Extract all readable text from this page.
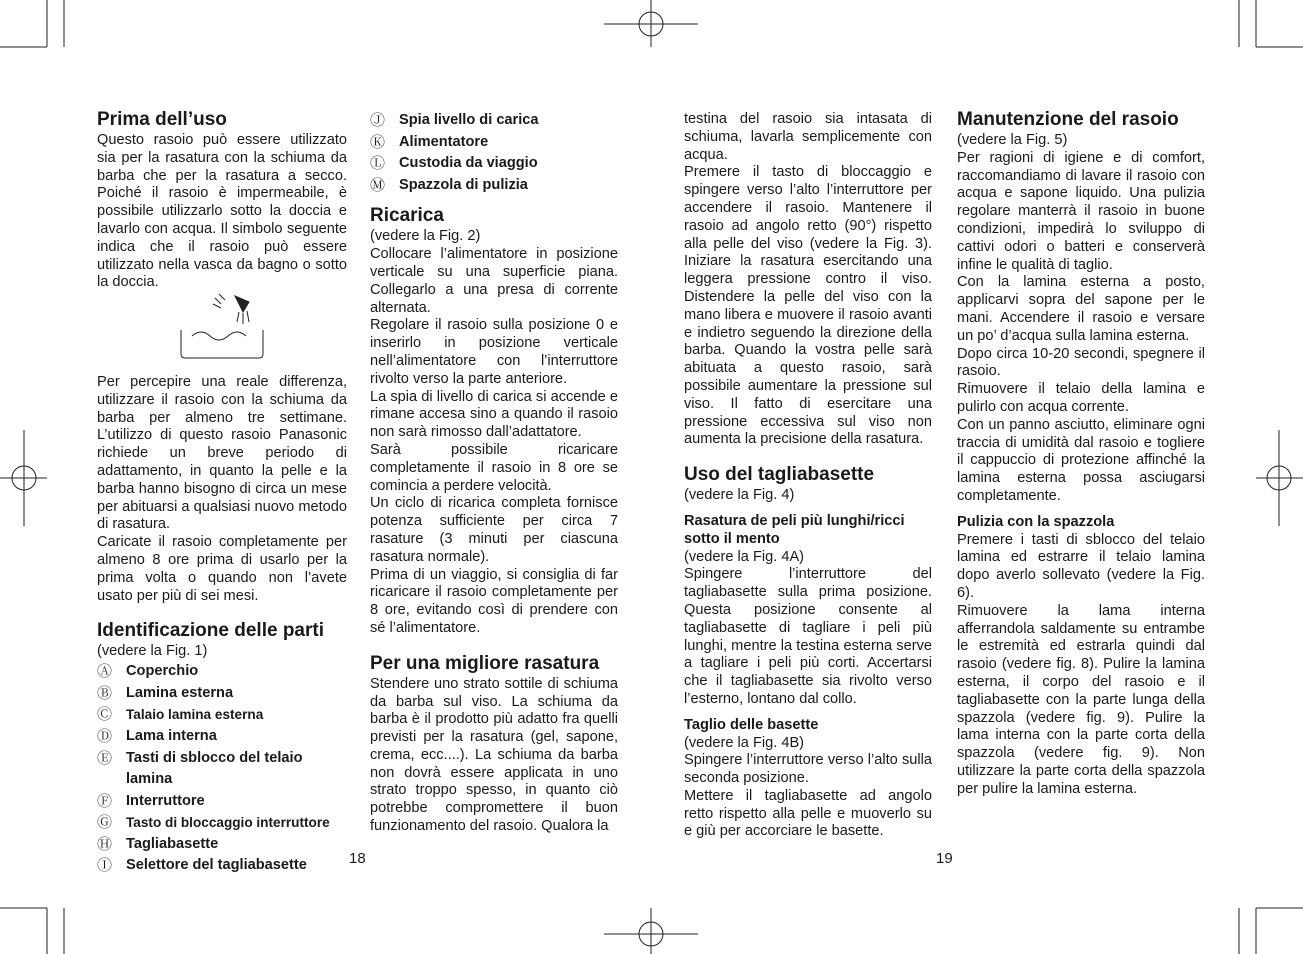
Prima dell’uso

Questo rasoio può essere utilizzato sia per la rasatura con la schiuma da barba che per la rasatura a secco. Poiché il rasoio è impermeabile, è possibile utilizzarlo sotto la doccia e lavarlo con acqua. Il simbolo seguente indica che il rasoio può essere utilizzato nella vasca da bagno o sotto la doccia.

Per percepire una reale differenza, utilizzare il rasoio con la schiuma da barba per almeno tre settimane. L’utilizzo di questo rasoio Panasonic richiede un breve periodo di adattamento, in quanto la pelle e la barba hanno bisogno di circa un mese per abituarsi a qualsiasi nuovo metodo di rasatura.

Caricate il rasoio completamente per almeno 8 ore prima di usarlo per la prima volta o quando non l’avete usato per più di sei mesi.

Identificazione delle parti

(vedere la Fig. 1)

Ⓐ Coperchio
Ⓑ Lamina esterna
Ⓒ	Talaio lamina esterna
Ⓓ Lama interna
Ⓔ Tasti di sblocco del telaio lamina
Ⓕ Interruttore
Ⓖ	Tasto di bloccaggio interruttore
Ⓗ Tagliabasette
Ⓘ Selettore del tagliabasette
Ⓙ Spia livello di carica
Ⓚ Alimentatore
Ⓛ Custodia da viaggio
Ⓜ Spazzola di pulizia
Ricarica

(vedere la Fig. 2)

Collocare l’alimentatore in posizione verticale su una superficie piana. Collegarlo a una presa di corrente alternata.

Regolare il rasoio sulla posizione 0 e inserirlo in posizione verticale nell’alimentatore con l’interruttore rivolto verso la parte anteriore.

La spia di livello di carica si accende e rimane accesa sino a quando il rasoio non sarà rimosso dall’adattatore.

Sarà possibile ricaricare completamente il rasoio in 8 ore se comincia a perdere velocità.

Un ciclo di ricarica completa fornisce potenza sufficiente per circa 7 rasature (3 minuti per ciascuna rasatura normale).

Prima di un viaggio, si consiglia di far ricaricare il rasoio completamente per 8 ore, evitando così di prendere con sé l’alimentatore.

Per una migliore rasatura

Stendere uno strato sottile di schiuma da barba sul viso. La schiuma da barba è il prodotto più adatto fra quelli previsti per la rasatura (gel, sapone, crema, ecc....). La schiuma da barba non dovrà essere applicata in uno strato troppo spesso, in quanto ciò potrebbe compromettere il buon funzionamento del rasoio. Qualora la

18

testina del rasoio sia intasata di schiuma, lavarla semplicemente con acqua.

Premere il tasto di bloccaggio e spingere verso l’alto l’interruttore per accendere il rasoio. Mantenere il rasoio ad angolo retto (90°) rispetto alla pelle del viso (vedere la Fig. 3). Iniziare la rasatura esercitando una leggera pressione contro il viso. Distendere la pelle del viso con la mano libera e muovere il rasoio avanti e indietro seguendo la direzione della barba. Quando la vostra pelle sarà abituata a questo rasoio, sarà possibile aumentare la pressione sul viso. Il fatto di esercitare una pressione eccessiva sul viso non aumenta la precisione della rasatura.

Uso del tagliabasette

(vedere la Fig. 4)

Rasatura de peli più lunghi/ricci sotto il mento

(vedere la Fig. 4A)

Spingere l’interruttore del tagliabasette sulla prima posizione. Questa posizione consente al tagliabasette di tagliare i peli più lunghi, mentre la testina esterna serve a tagliare i peli più corti. Accertarsi che il tagliabasette sia rivolto verso l’esterno, lontano dal collo.

Taglio delle basette

(vedere la Fig. 4B)

Spingere l’interruttore verso l’alto sulla seconda posizione.

Mettere il tagliabasette ad angolo retto rispetto alla pelle e muoverlo su e giù per accorciare le basette.

Manutenzione del rasoio

(vedere la Fig. 5)

Per ragioni di igiene e di comfort, raccomandiamo di lavare il rasoio con acqua e sapone liquido. Una pulizia regolare manterrà il rasoio in buone condizioni, impedirà lo sviluppo di cattivi odori o batteri e conserverà infine le qualità di taglio.

Con la lamina esterna a posto, applicarvi sopra del sapone per le mani. Accendere il rasoio e versare un po’ d’acqua sulla lamina esterna.

Dopo circa 10-20 secondi, spegnere il rasoio.

Rimuovere il telaio della lamina e pulirlo con acqua corrente.

Con un panno asciutto, eliminare ogni traccia di umidità dal rasoio e togliere il cappuccio di protezione affinché la lamina esterna possa asciugarsi completamente.

Pulizia con la spazzola

Premere i tasti di sblocco del telaio lamina ed estrarre il telaio lamina dopo averlo sollevato (vedere la Fig. 6).

Rimuovere la lama interna afferrandola saldamente su entrambe le estremità ed estrarla quindi dal rasoio (vedere fig. 8). Pulire la lamina esterna, il corpo del rasoio e il tagliabasette con la parte lunga della spazzola (vedere fig. 9). Pulire la lama interna con la parte corta della spazzola (vedere fig. 9). Non utilizzare la parte corta della spazzola per pulire la lamina esterna.

19
